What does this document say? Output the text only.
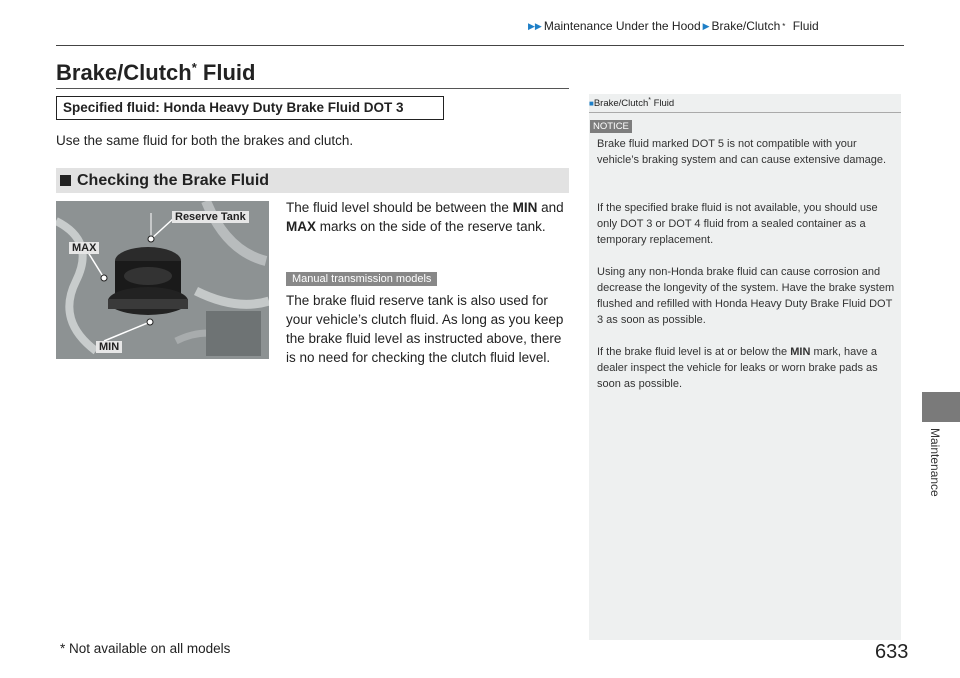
▶▶ Maintenance Under the Hood ▶ Brake/Clutch *
Fluid
Maintenance
Brake/Clutch* Fluid
Specified fluid: Honda Heavy Duty Brake Fluid DOT 3
Use the same fluid for both the brakes and clutch.
Checking the Brake Fluid
Reserve Tank
MAX
MIN
The fluid level should be between the MIN and MAX marks on the side of the reserve tank.
Manual transmission models
The brake fluid reserve tank is also used for your vehicle’s clutch fluid. As long as you keep the brake fluid level as instructed above, there is no need for checking the clutch fluid level.
■Brake/Clutch* Fluid
NOTICE
Brake fluid marked DOT 5 is not compatible with your vehicle’s braking system and can cause extensive damage.
If the specified brake fluid is not available, you should use only DOT 3 or DOT 4 fluid from a sealed container as a temporary replacement.
Using any non-Honda brake fluid can cause corrosion and decrease the longevity of the system. Have the brake system flushed and refilled with Honda Heavy Duty Brake Fluid DOT 3 as soon as possible.
If the brake fluid level is at or below the MIN mark, have a dealer inspect the vehicle for leaks or worn brake pads as soon as possible.
* Not available on all models	633
